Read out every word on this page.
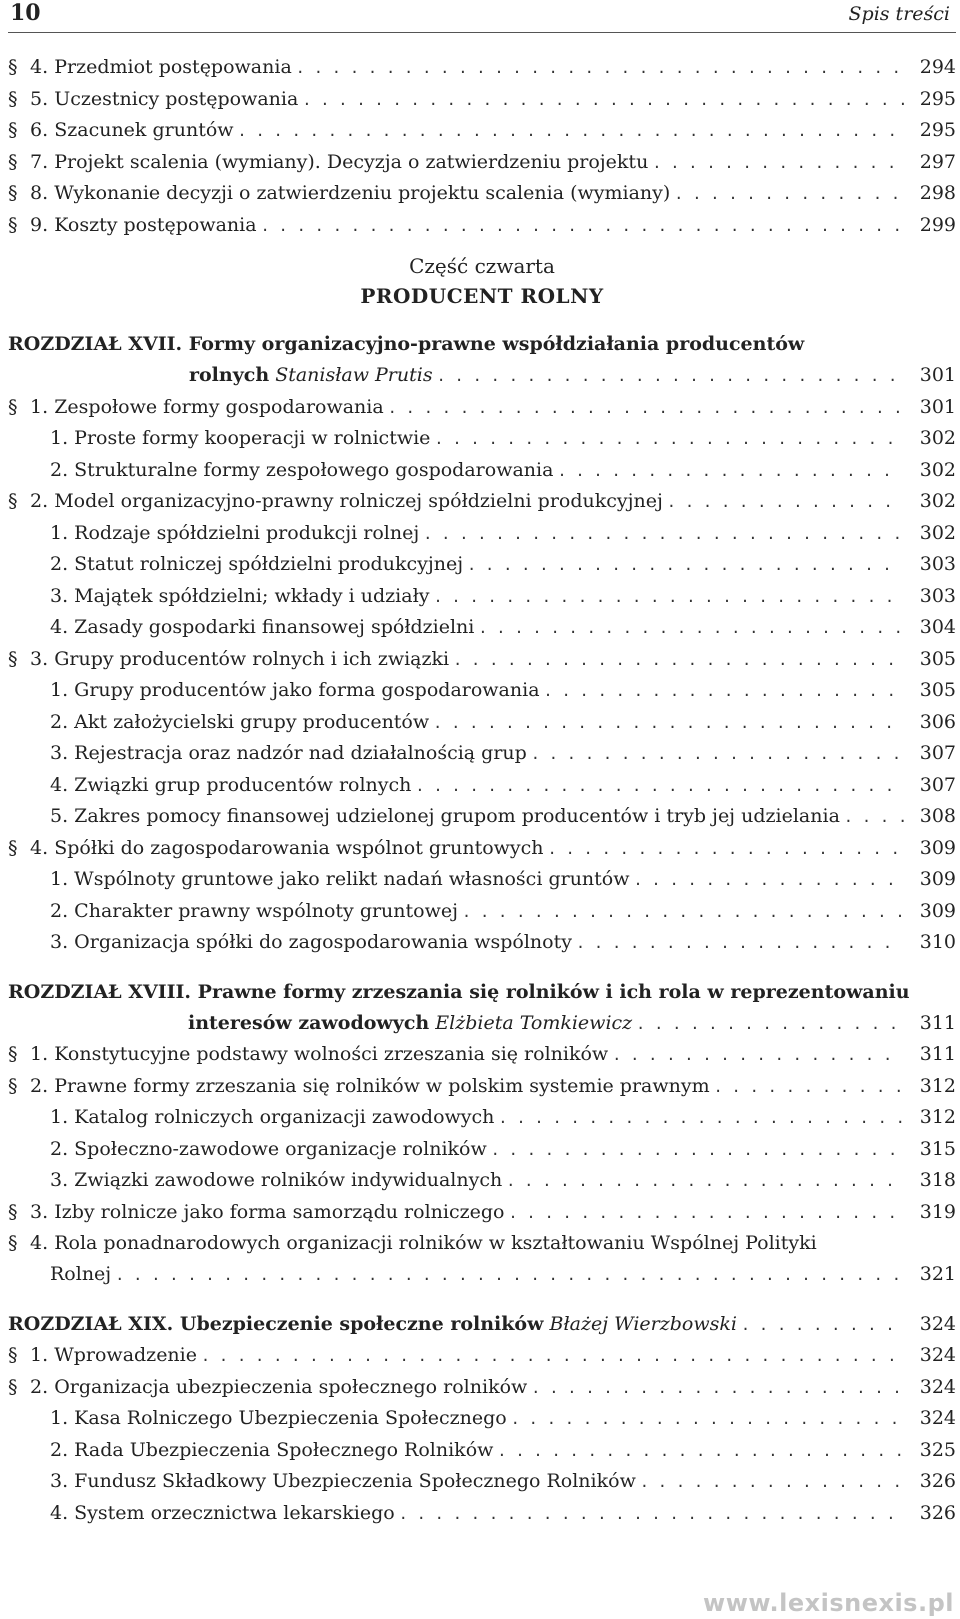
10	Spis treści
§ 4. Przedmiot postępowania . . .	294
§ 5. Uczestnicy postępowania . . .	295
§ 6. Szacunek gruntów . . .	295
§ 7. Projekt scalenia (wymiany). Decyzja o zatwierdzeniu projektu . . .	297
§ 8. Wykonanie decyzji o zatwierdzeniu projektu scalenia (wymiany) . . .	298
§ 9. Koszty postępowania . . .	299
Część czwarta
PRODUCENT ROLNY
ROZDZIAŁ XVII. Formy organizacyjno-prawne współdziałania producentów
rolnych Stanisław Prutis . . .	301
§ 1. Zespołowe formy gospodarowania . . .	301
1. Proste formy kooperacji w rolnictwie . . .	302
2. Strukturalne formy zespołowego gospodarowania . . .	302
§ 2. Model organizacyjno-prawny rolniczej spółdzielni produkcyjnej . . .	302
1. Rodzaje spółdzielni produkcji rolnej . . .	302
2. Statut rolniczej spółdzielni produkcyjnej . . .	303
3. Majątek spółdzielni; wkłady i udziały . . .	303
4. Zasady gospodarki finansowej spółdzielni . . .	304
§ 3. Grupy producentów rolnych i ich związki . . .	305
1. Grupy producentów jako forma gospodarowania . . .	305
2. Akt założycielski grupy producentów . . .	306
3. Rejestracja oraz nadzór nad działalnością grup . . .	307
4. Związki grup producentów rolnych . . .	307
5. Zakres pomocy finansowej udzielonej grupom producentów i tryb jej udzielania . . .	308
§ 4. Spółki do zagospodarowania wspólnot gruntowych . . .	309
1. Wspólnoty gruntowe jako relikt nadań własności gruntów . . .	309
2. Charakter prawny wspólnoty gruntowej . . .	309
3. Organizacja spółki do zagospodarowania wspólnoty . . .	310
ROZDZIAŁ XVIII. Prawne formy zrzeszania się rolników i ich rola w reprezentowaniu
interesów zawodowych Elżbieta Tomkiewicz . . .	311
§ 1. Konstytucyjne podstawy wolności zrzeszania się rolników . . .	311
§ 2. Prawne formy zrzeszania się rolników w polskim systemie prawnym . . .	312
1. Katalog rolniczych organizacji zawodowych . . .	312
2. Społeczno-zawodowe organizacje rolników . . .	315
3. Związki zawodowe rolników indywidualnych . . .	318
§ 3. Izby rolnicze jako forma samorządu rolniczego . . .	319
§ 4. Rola ponadnarodowych organizacji rolników w kształtowaniu Wspólnej Polityki
Rolnej . . .	321
ROZDZIAŁ XIX. Ubezpieczenie społeczne rolników Błażej Wierzbowski . . .	324
§ 1. Wprowadzenie . . .	324
§ 2. Organizacja ubezpieczenia społecznego rolników . . .	324
1. Kasa Rolniczego Ubezpieczenia Społecznego . . .	324
2. Rada Ubezpieczenia Społecznego Rolników . . .	325
3. Fundusz Składkowy Ubezpieczenia Społecznego Rolników . . .	326
4. System orzecznictwa lekarskiego . . .	326
www.lexisnexis.pl
